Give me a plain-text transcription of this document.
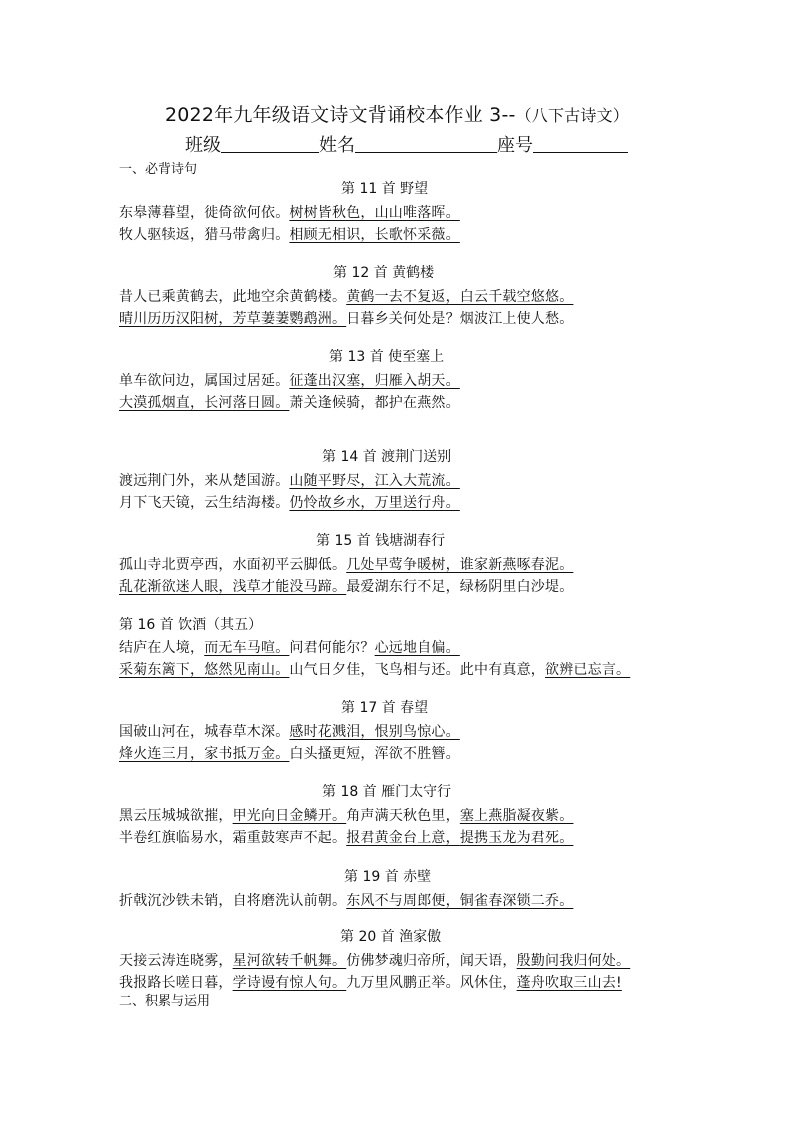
2022年九年级语文诗文背诵校本作业 3--（八下古诗文）
班级	姓名	座号
一、必背诗句
第 11 首 野望
东皋薄暮望，徙倚欲何依。树树皆秋色，山山唯落晖。
牧人驱犊返，猎马带禽归。相顾无相识，长歌怀采薇。
第 12 首 黄鹤楼
昔人已乘黄鹤去，此地空余黄鹤楼。黄鹤一去不复返，白云千载空悠悠。
晴川历历汉阳树，芳草萋萋鹦鹉洲。日暮乡关何处是？烟波江上使人愁。
第 13 首 使至塞上
单车欲问边，属国过居延。征蓬出汉塞，归雁入胡天。
大漠孤烟直，长河落日圆。萧关逢候骑，都护在燕然。
第 14 首 渡荆门送别
渡远荆门外，来从楚国游。山随平野尽，江入大荒流。
月下飞天镜，云生结海楼。仍怜故乡水，万里送行舟。
第 15 首 钱塘湖春行
孤山寺北贾亭西，水面初平云脚低。几处早莺争暖树，谁家新燕啄春泥。
乱花渐欲迷人眼，浅草才能没马蹄。最爱湖东行不足，绿杨阴里白沙堤。
第 16 首 饮酒（其五）
结庐在人境，而无车马喧。问君何能尔？心远地自偏。
采菊东篱下，悠然见南山。山气日夕佳，飞鸟相与还。此中有真意，欲辨已忘言。
第 17 首 春望
国破山河在，城春草木深。感时花溅泪，恨别鸟惊心。
烽火连三月，家书抵万金。白头搔更短，浑欲不胜簪。
第 18 首 雁门太守行
黑云压城城欲摧，甲光向日金鳞开。角声满天秋色里，塞上燕脂凝夜紫。
半卷红旗临易水，霜重鼓寒声不起。报君黄金台上意，提携玉龙为君死。
第 19 首 赤壁
折戟沉沙铁未销，自将磨洗认前朝。东风不与周郎便，铜雀春深锁二乔。
第 20 首 渔家傲
天接云涛连晓雾，星河欲转千帆舞。仿佛梦魂归帝所，闻天语，殷勤问我归何处。
我报路长嗟日暮，学诗谩有惊人句。九万里风鹏正举。风休住，蓬舟吹取三山去!
二、积累与运用
